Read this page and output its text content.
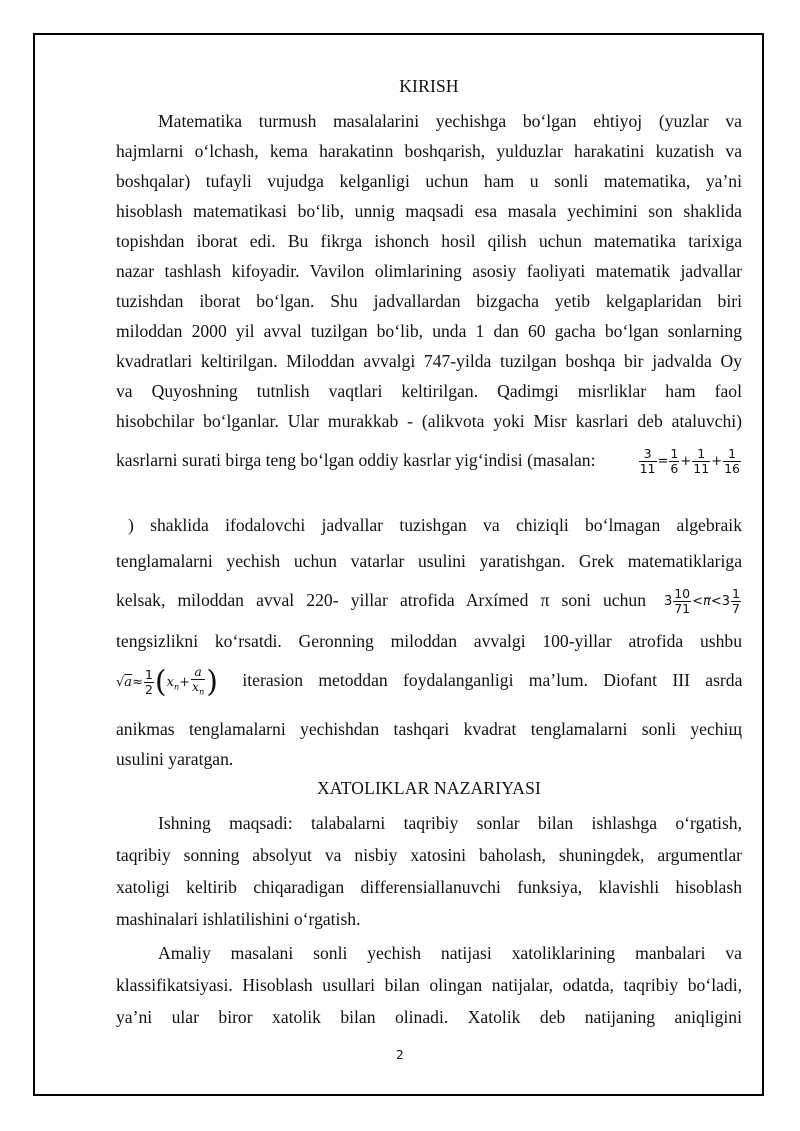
KIRISH
Matematika turmush masalalarini yechishga bo‘lgan ehtiyoj (yuzlar va
hajmlarni o‘lchash, kema harakatinn boshqarish, yulduzlar harakatini kuzatish va
boshqalar) tufayli vujudga kelganligi uchun ham u sonli matematika, ya’ni
hisoblash matematikasi bo‘lib, unnig maqsadi esa masala yechimini son shaklida
topishdan iborat edi. Bu fikrga ishonch hosil qilish uchun matematika tarixiga
nazar tashlash kifoyadir. Vavilon olimlarining asosiy faoliyati matematik jadvallar
tuzishdan iborat bo‘lgan. Shu jadvallardan bizgacha yetib kelgaplaridan biri
miloddan 2000 yil avval tuzilgan bo‘lib, unda 1 dan 60 gacha bo‘lgan sonlarning
kvadratlari keltirilgan. Miloddan avvalgi 747-yilda tuzilgan boshqa bir jadvalda Oy
va Quyoshning tutnlish vaqtlari keltirilgan. Qadimgi misrliklar ham faol
hisobchilar bo‘lganlar. Ular murakkab - (alikvota yoki Misr kasrlari deb ataluvchi)
kasrlarni surati birga teng bo‘lgan oddiy kasrlar yig‘indisi (masalan:	$\frac{3}{11} = \frac{1}{6} + \frac{1}{11} + \frac{1}{16}$
) shaklida ifodalovchi jadvallar tuzishgan va chiziqli bo‘lmagan algebraik
tenglamalarni yechish uchun vatarlar usulini yaratishgan. Grek matematiklariga
kelsak, miloddan avval 220- yillar atrofida Arxímed π soni uchun $3 \frac{10}{71} <\pi<3 \frac{1}{7}$
tengsizlikni ko‘rsatdi. Geronning miloddan avvalgi 100-yillar atrofida ushbu
$√a\approx \frac{1}{2} (x_n+ \frac{a}{x_n}$ ) iterasion metoddan foydalanganligi ma’lum. Diofant III asrda
anikmas tenglamalarni yechishdan tashqari kvadrat tenglamalarni sonli yechiщ
usulini yaratgan.
XATOLIKLAR NAZARIYASI
Ishning maqsadi: talabalarni taqribiy sonlar bilan ishlashga o‘rgatish,
taqribiy sonning absolyut va nisbiy xatosini baholash, shuningdek, argumentlar
xatoligi keltirib chiqaradigan differensiallanuvchi funksiya, klavishli hisoblash
mashinalari ishlatilishini o‘rgatish.
Amaliy masalani sonli yechish natijasi xatoliklarining manbalari va
klassifikatsiyasi. Hisoblash usullari bilan olingan natijalar, odatda, taqribiy bo‘ladi,
ya’ni ular biror xatolik bilan olinadi. Xatolik deb natijaning aniqligini
2
